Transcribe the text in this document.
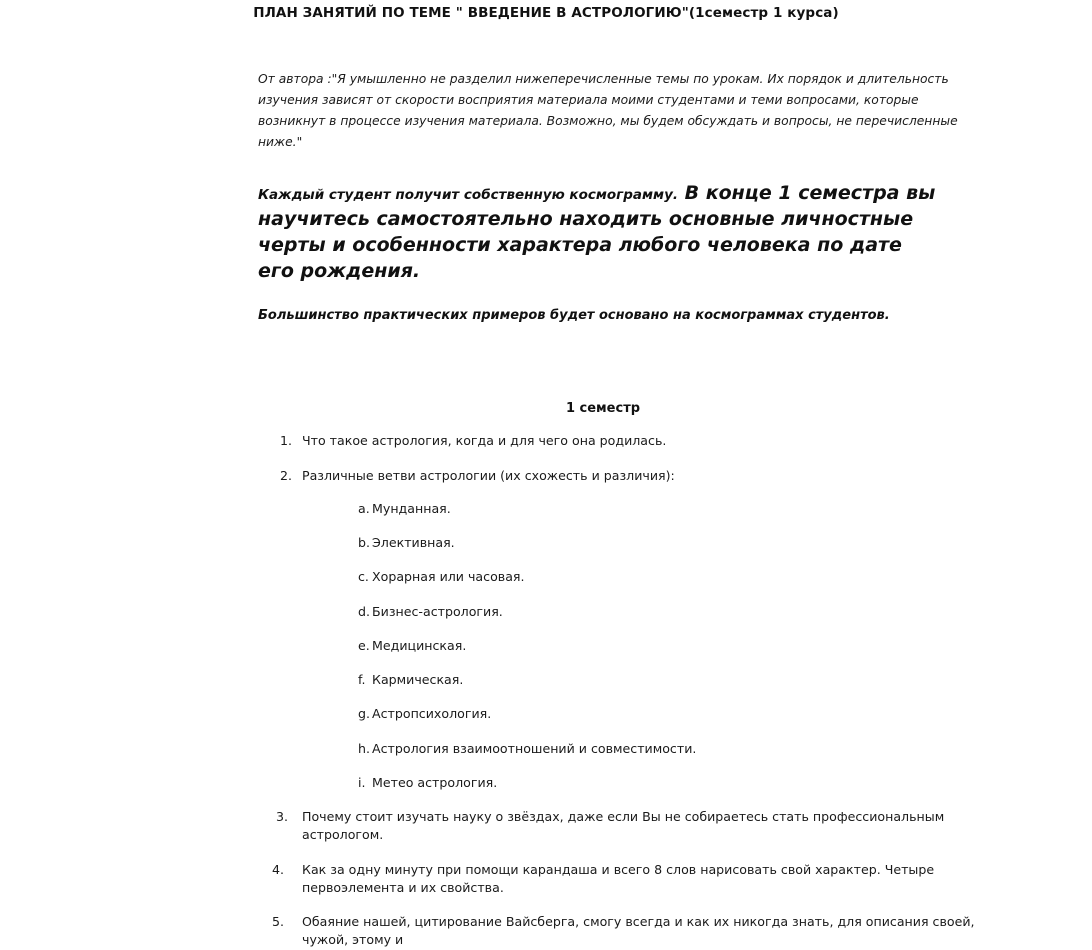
ПЛАН ЗАНЯТИЙ ПО ТЕМЕ " ВВЕДЕНИЕ В АСТРОЛОГИЮ"(1семестр 1 курса)
От автора :"Я умышленно не разделил нижеперечисленные темы по урокам. Их порядок и длительность изучения зависят от скорости восприятия материала моими студентами и теми вопросами, которые возникнут в процессе изучения материала. Возможно, мы будем обсуждать и вопросы, не перечисленные ниже."
Каждый студент получит собственную космограмму. В конце 1 семестра вы научитесь самостоятельно находить основные личностные черты и особенности характера любого человека по дате его рождения.
Большинство практических примеров будет основано на космограммах студентов.
1 семестр
1. Что такое астрология, когда и для чего она родилась.
2. Различные ветви астрологии (их схожесть и различия):
a. Мунданная.
b. Элективная.
c. Хорарная или часовая.
d. Бизнес-астрология.
e. Медицинская.
f. Кармическая.
g. Астропсихология.
h. Астрология взаимоотношений и совместимости.
i. Метео астрология.
3. Почему стоит изучать науку о звёздах, даже если Вы не собираетесь стать профессиональным астрологом.
4. Как за одну минуту при помощи карандаша и всего 8 слов нарисовать свой характер. Четыре первоэлемента и их свойства.
5. Обаяние нашей, цитирование Вайсберга, смогу всегда и как их никогда знать, для описания своей, чужой, этому и
